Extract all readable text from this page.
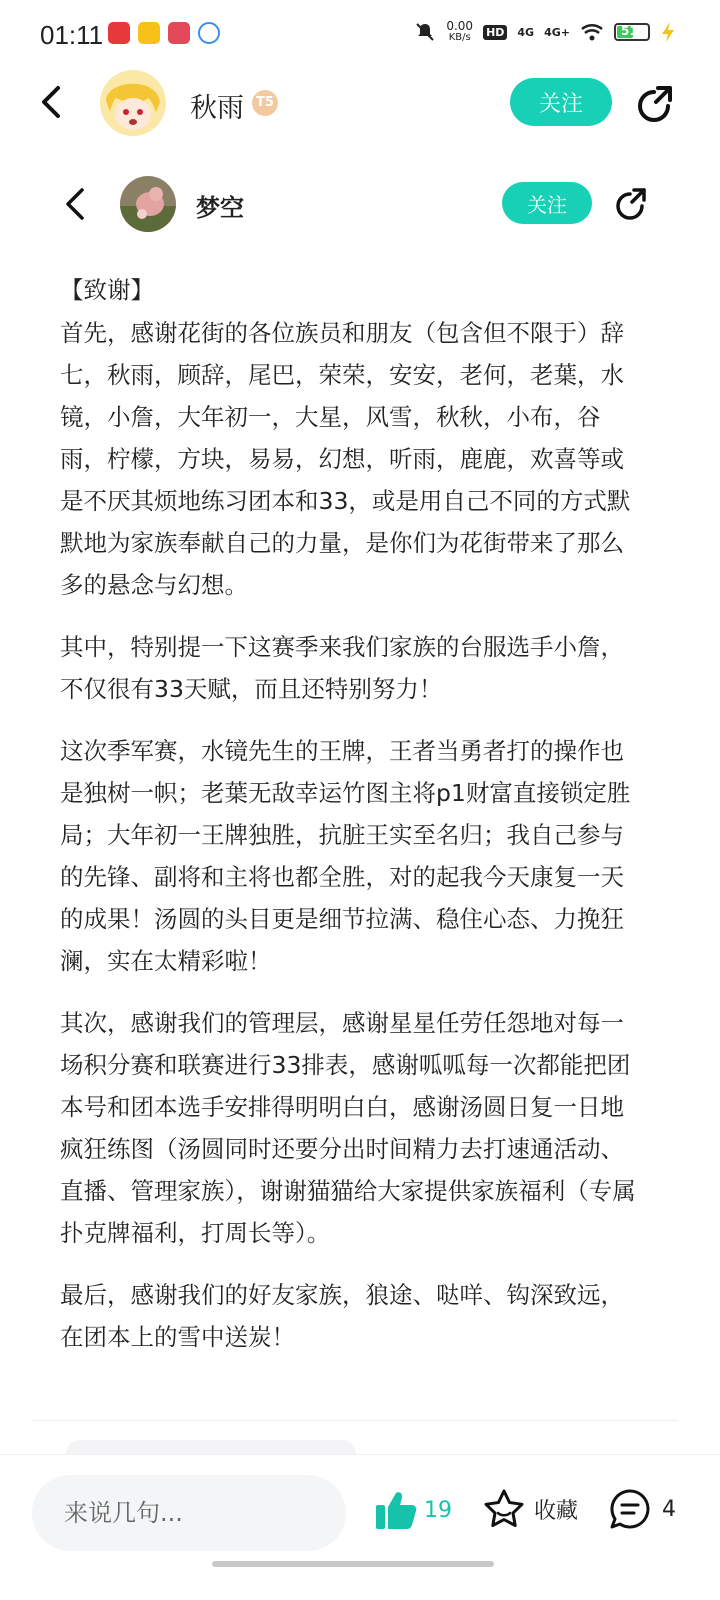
01:11	0.00
KB/s HD 4G 4G+	51
秋雨 T5	关注
梦空	关注

【致谢】

首先，感谢花街的各位族员和朋友（包含但不限于）辞七，秋雨，顾辞，尾巴，荣荣，安安，老何，老葉，水镜，小詹，大年初一，大星，风雪，秋秋，小布，谷雨，柠檬，方块，易易，幻想，听雨，鹿鹿，欢喜等或是不厌其烦地练习团本和33，或是用自己不同的方式默默地为家族奉献自己的力量，是你们为花街带来了那么多的悬念与幻想。

其中，特别提一下这赛季来我们家族的台服选手小詹，不仅很有33天赋，而且还特别努力！

这次季军赛，水镜先生的王牌，王者当勇者打的操作也是独树一帜；老葉无敌幸运竹图主将p1财富直接锁定胜局；大年初一王牌独胜，抗脏王实至名归；我自己参与的先锋、副将和主将也都全胜，对的起我今天康复一天的成果！汤圆的头目更是细节拉满、稳住心态、力挽狂澜，实在太精彩啦！

其次，感谢我们的管理层，感谢星星任劳任怨地对每一场积分赛和联赛进行33排表，感谢呱呱每一次都能把团本号和团本选手安排得明明白白，感谢汤圆日复一日地疯狂练图（汤圆同时还要分出时间精力去打速通活动、直播、管理家族），谢谢猫猫给大家提供家族福利（专属扑克牌福利，打周长等）。

最后，感谢我们的好友家族，狼途、哒咩、钩深致远，在团本上的雪中送炭！

来说几句...
19	收藏	4
